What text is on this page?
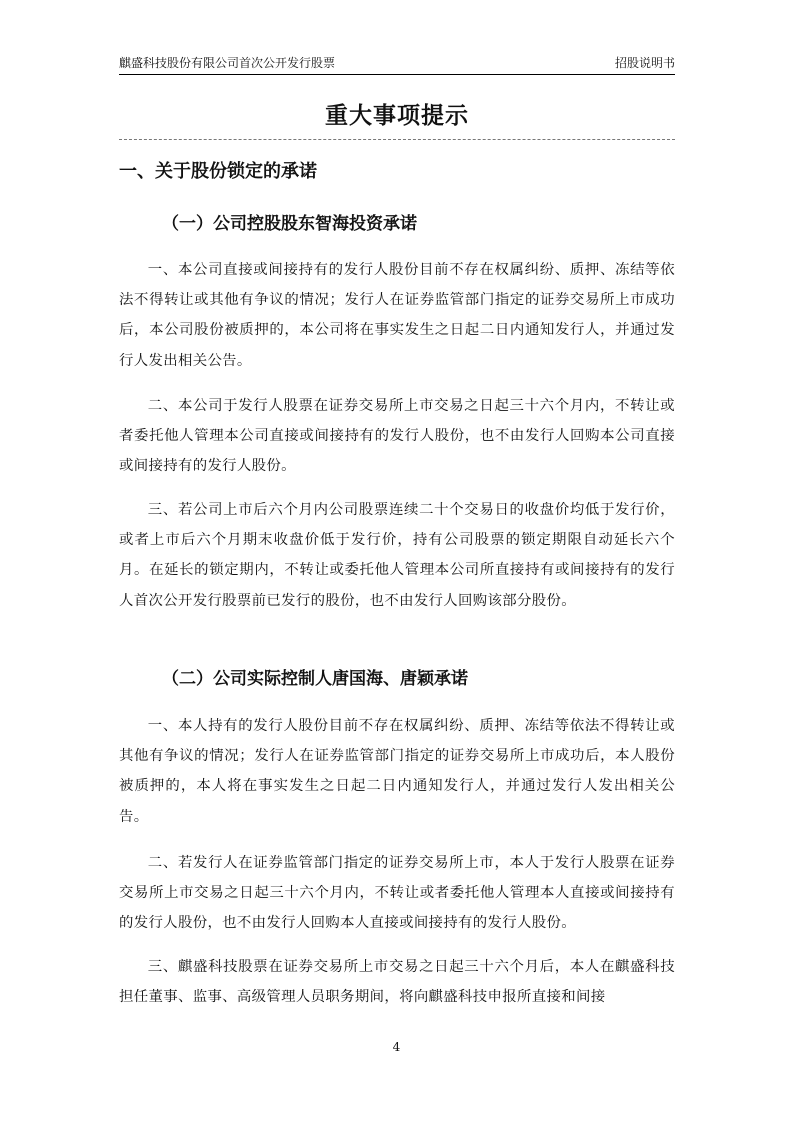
麒盛科技股份有限公司首次公开发行股票	招股说明书
重大事项提示
一、关于股份锁定的承诺
（一）公司控股股东智海投资承诺

一、本公司直接或间接持有的发行人股份目前不存在权属纠纷、质押、冻结等依法不得转让或其他有争议的情况；发行人在证券监管部门指定的证券交易所上市成功后，本公司股份被质押的，本公司将在事实发生之日起二日内通知发行人，并通过发行人发出相关公告。

二、本公司于发行人股票在证券交易所上市交易之日起三十六个月内，不转让或者委托他人管理本公司直接或间接持有的发行人股份，也不由发行人回购本公司直接或间接持有的发行人股份。

三、若公司上市后六个月内公司股票连续二十个交易日的收盘价均低于发行价，或者上市后六个月期末收盘价低于发行价，持有公司股票的锁定期限自动延长六个月。在延长的锁定期内，不转让或委托他人管理本公司所直接持有或间接持有的发行人首次公开发行股票前已发行的股份，也不由发行人回购该部分股份。

（二）公司实际控制人唐国海、唐颖承诺

一、本人持有的发行人股份目前不存在权属纠纷、质押、冻结等依法不得转让或其他有争议的情况；发行人在证券监管部门指定的证券交易所上市成功后，本人股份被质押的，本人将在事实发生之日起二日内通知发行人，并通过发行人发出相关公告。

二、若发行人在证券监管部门指定的证券交易所上市，本人于发行人股票在证券交易所上市交易之日起三十六个月内，不转让或者委托他人管理本人直接或间接持有的发行人股份，也不由发行人回购本人直接或间接持有的发行人股份。

三、麒盛科技股票在证券交易所上市交易之日起三十六个月后，本人在麒盛科技担任董事、监事、高级管理人员职务期间，将向麒盛科技申报所直接和间接

4
